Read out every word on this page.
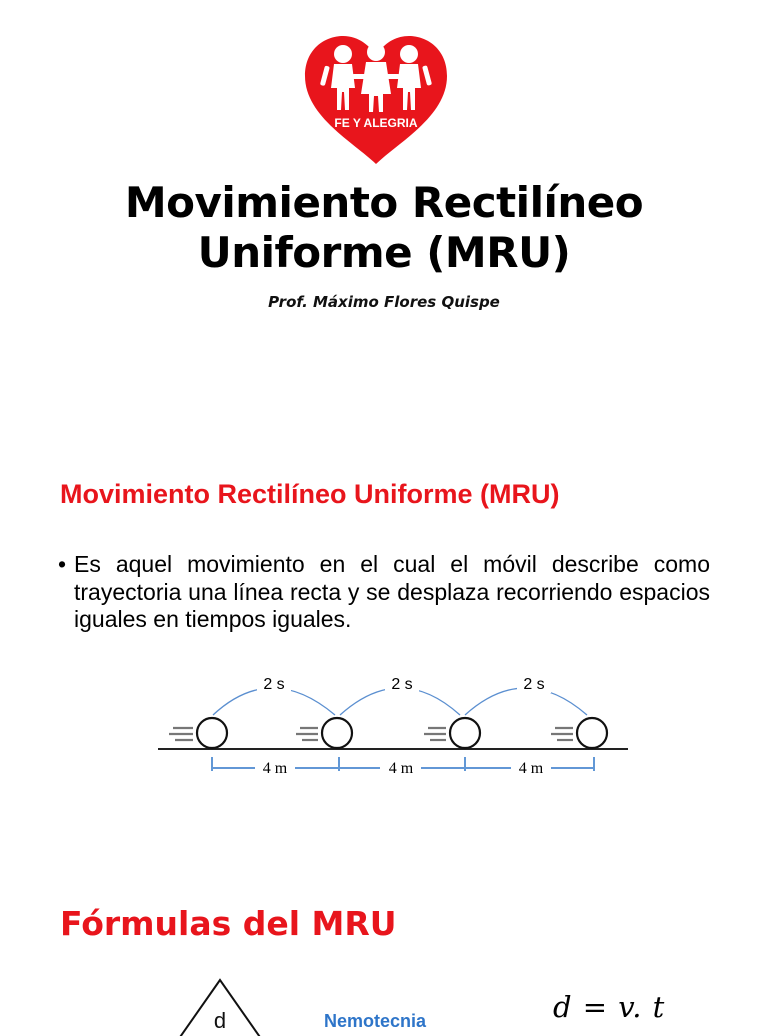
FE Y ALEGRIA
Movimiento Rectilíneo
Uniforme (MRU)
Prof. Máximo Flores Quispe
Movimiento Rectilíneo Uniforme (MRU)
• Es aquel movimiento en el cual el móvil describe como trayectoria una línea recta y se desplaza recorriendo espacios iguales en tiempos iguales.
2 s	2 s	2 s
4 m	4 m	4 m
Fórmulas del MRU
d	Nemotecnia	d = v. t
